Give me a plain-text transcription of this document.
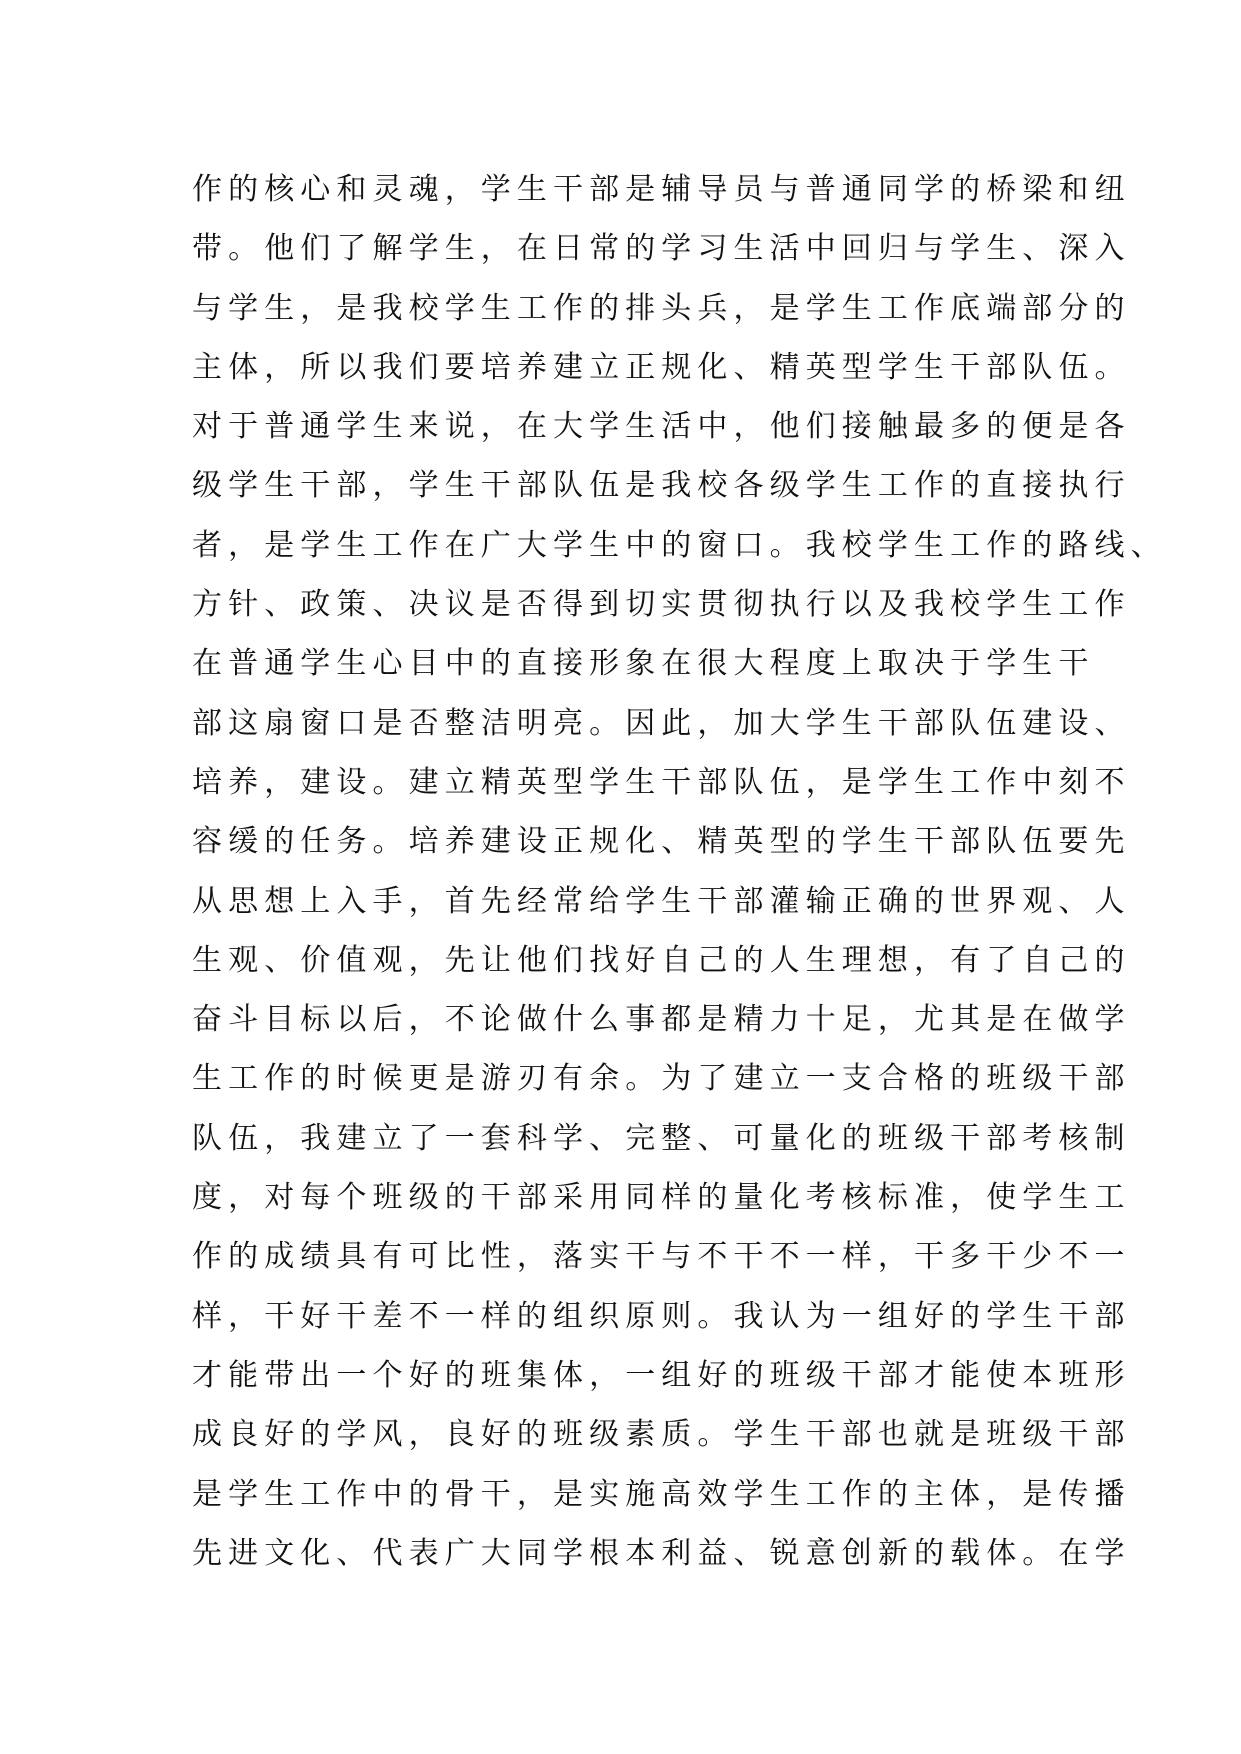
作的核心和灵魂，学生干部是辅导员与普通同学的桥梁和纽
带。他们了解学生，在日常的学习生活中回归与学生、深入
与学生，是我校学生工作的排头兵，是学生工作底端部分的
主体，所以我们要培养建立正规化、精英型学生干部队伍。
对于普通学生来说，在大学生活中，他们接触最多的便是各
级学生干部，学生干部队伍是我校各级学生工作的直接执行
者，是学生工作在广大学生中的窗口。我校学生工作的路线、
方针、政策、决议是否得到切实贯彻执行以及我校学生工作
在普通学生心目中的直接形象在很大程度上取决于学生干
部这扇窗口是否整洁明亮。因此，加大学生干部队伍建设、
培养，建设。建立精英型学生干部队伍，是学生工作中刻不
容缓的任务。培养建设正规化、精英型的学生干部队伍要先
从思想上入手，首先经常给学生干部灌输正确的世界观、人
生观、价值观，先让他们找好自己的人生理想，有了自己的
奋斗目标以后，不论做什么事都是精力十足，尤其是在做学
生工作的时候更是游刃有余。为了建立一支合格的班级干部
队伍，我建立了一套科学、完整、可量化的班级干部考核制
度，对每个班级的干部采用同样的量化考核标准，使学生工
作的成绩具有可比性，落实干与不干不一样，干多干少不一
样，干好干差不一样的组织原则。我认为一组好的学生干部
才能带出一个好的班集体，一组好的班级干部才能使本班形
成良好的学风，良好的班级素质。学生干部也就是班级干部
是学生工作中的骨干，是实施高效学生工作的主体，是传播
先进文化、代表广大同学根本利益、锐意创新的载体。在学
